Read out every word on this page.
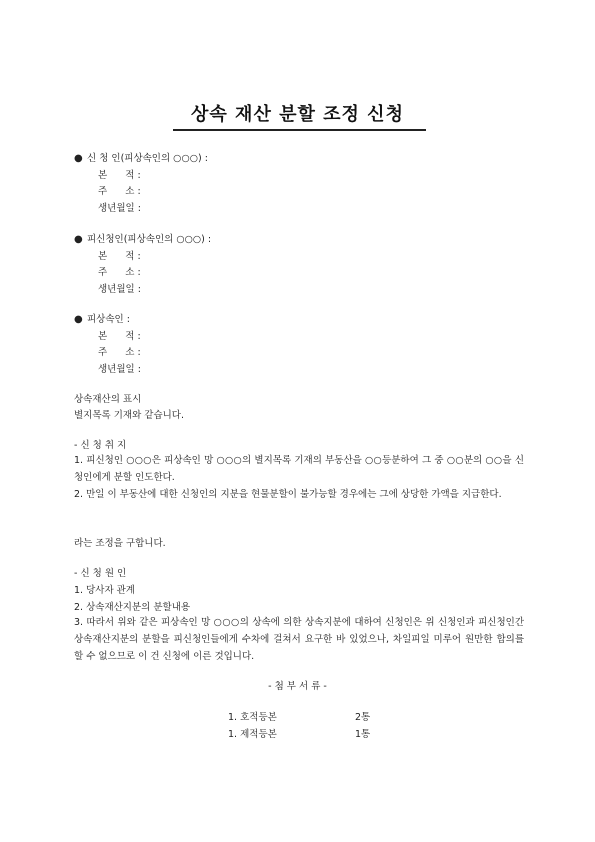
상속 재산 분할 조정 신청
● 신 청 인(피상속인의 ○○○) :
본      적 :
주      소 :
생년월일 :
● 피신청인(피상속인의 ○○○) :
본      적 :
주      소 :
생년월일 :
● 피상속인 :
본      적 :
주      소 :
생년월일 :
상속재산의 표시
별지목록 기재와 같습니다.
- 신 청 취 지
1. 피신청인 ○○○은 피상속인 망 ○○○의 별지목록 기재의 부동산을 ○○등분하여 그 중 ○○분의 ○○을 신청인에게 분할 인도한다.
2. 만일 이 부동산에 대한 신청인의 지분을 현물분할이 불가능할 경우에는 그에 상당한 가액을 지급한다.
라는 조정을 구합니다.
- 신 청 원 인
1. 당사자 관계
2. 상속재산지분의 분할내용
3. 따라서 위와 같은 피상속인 망 ○○○의 상속에 의한 상속지분에 대하여 신청인은 위 신청인과 피신청인간 상속재산지분의 분할을 피신청인들에게 수차에 걸쳐서 요구한 바 있었으나, 차일피일 미루어 원만한 합의를 할 수 없으므로 이 건 신청에 이른 것입니다.
- 첨 부 서 류 -
1. 호적등본	2통
1. 제적등본	1통
